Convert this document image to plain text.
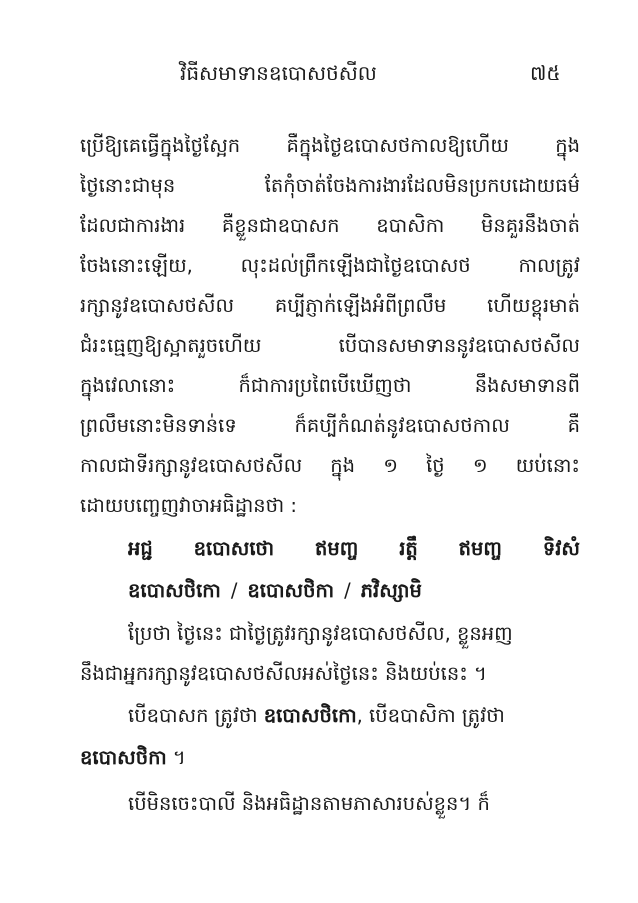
វិធីសមាទានឧបោសថសីល	៧៥
ប្រើឱ្យគេធ្វើក្នុងថ្ងៃស្អែក គឺក្នុងថ្ងៃឧបោសថកាលឱ្យហើយ ក្នុង
ថ្ងៃនោះជាមុន	តែកុំចាត់ចែងការងារដែលមិនប្រកបដោយធម៌
ដែលជាការងារ គឺខ្លួនជាឧបាសក ឧបាសិកា មិនគួរនឹងចាត់
ចែងនោះឡើយ, លុះដល់ព្រឹកឡើងជាថ្ងៃឧបោសថ កាលត្រូវ
រក្សានូវឧបោសថសីល គប្បីភ្ញាក់ឡើងអំពីព្រលឹម ហើយខ្ពុរមាត់
ជំរះធ្មេញឱ្យស្អាតរួចហើយ	បើបានសមាទាននូវឧបោសថសីល
ក្នុងវេលានោះ	ក៏ជាការប្រពៃបើឃើញថា	នឹងសមាទានពី
ព្រលឹមនោះមិនទាន់ទេ	ក៏គប្បីកំណត់នូវឧបោសថកាល	គឺ
កាលជាទីរក្សានូវឧបោសថសីល ក្នុង ១ ថ្ងៃ ១ យប់នោះ
ដោយបញ្ចេញវាចាអធិដ្ឋានថា :
អជ្ជ ឧបោសថោ ឥមញ្ច រត្តឹ ឥមញ្ច ទិវសំ
ឧបោសថិកោ / ឧបោសថិកា / ភវិស្សាមិ
ប្រែថា ថ្ងៃនេះ ជាថ្ងៃត្រូវរក្សានូវឧបោសថសីល, ខ្លួនអញ
នឹងជាអ្នករក្សានូវឧបោសថសីលអស់ថ្ងៃនេះ និងយប់នេះ ។
បើឧបាសក ត្រូវថា ឧបោសថិកោ, បើឧបាសិកា ត្រូវថា
ឧបោសថិកា ។
បើមិនចេះបាលី និងអធិដ្ឋានតាមភាសារបស់ខ្លួន។ ក៏
